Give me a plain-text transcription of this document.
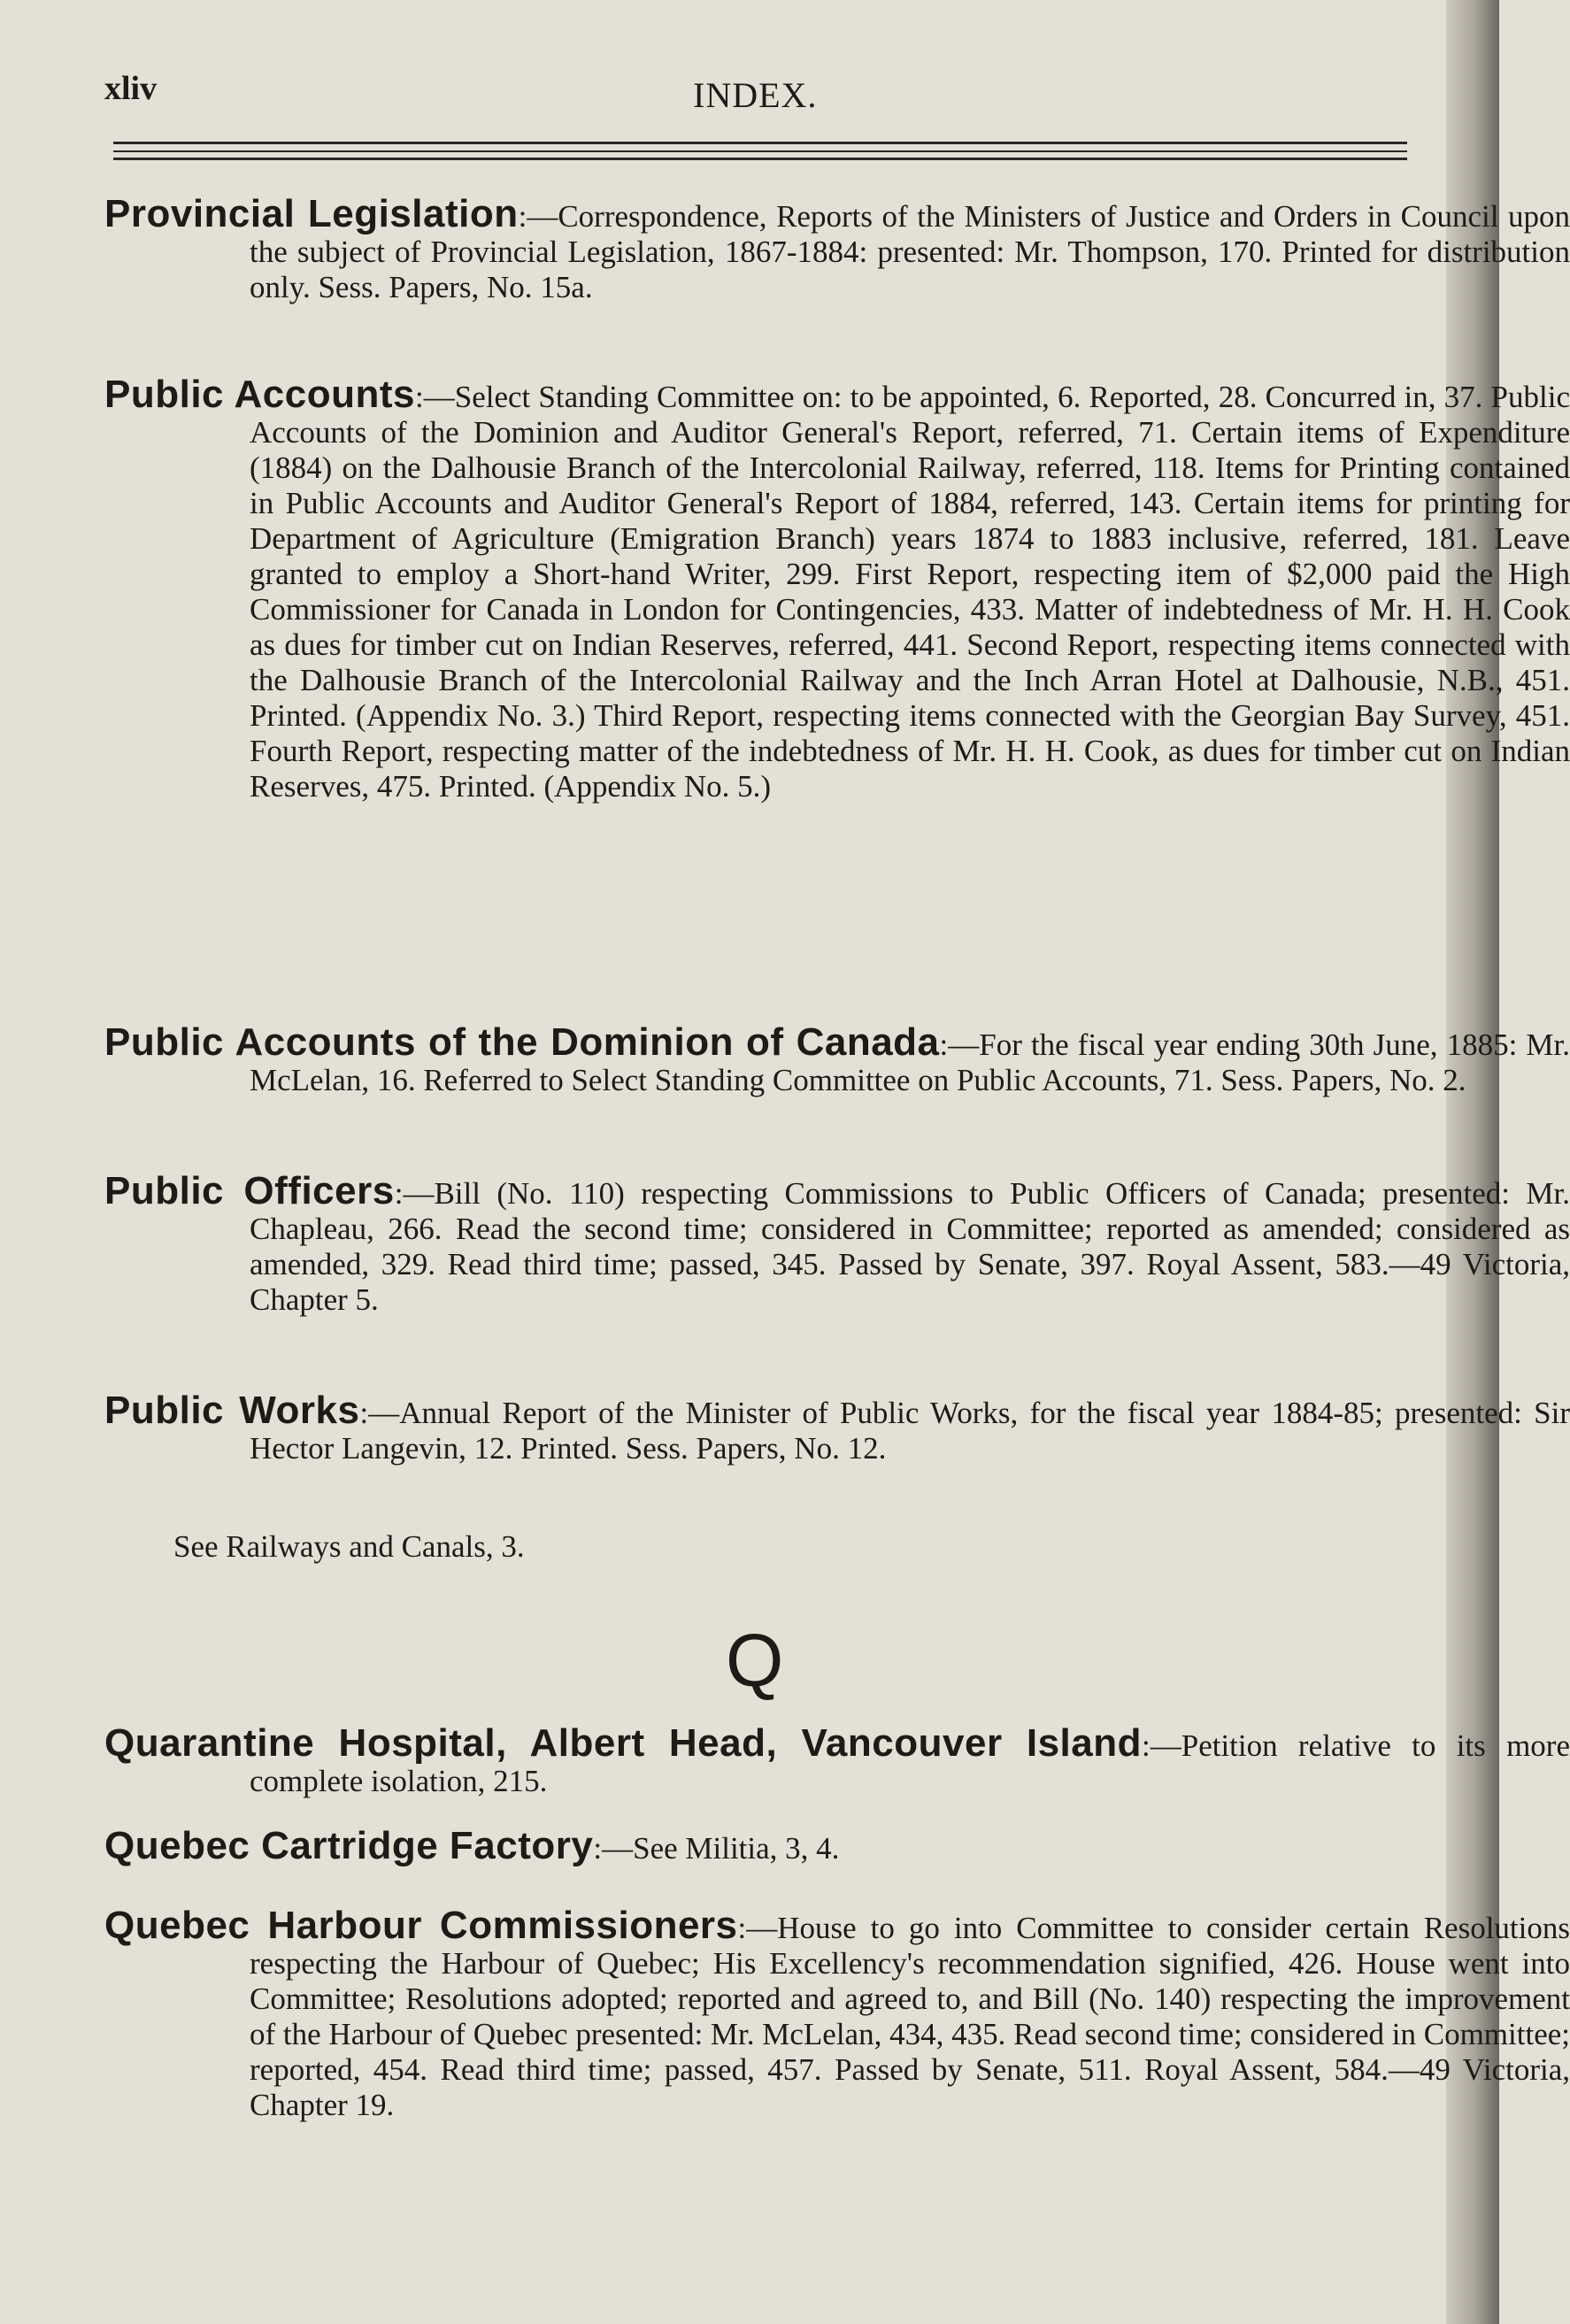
xliv	INDEX.
Provincial Legislation:—Correspondence, Reports of the Ministers of Justice and Orders in Council upon the subject of Provincial Legislation, 1867-1884: presented: Mr. Thompson, 170. Printed for distribution only. Sess. Papers, No. 15a.
Public Accounts:—Select Standing Committee on: to be appointed, 6. Reported, 28. Concurred in, 37. Public Accounts of the Dominion and Auditor General's Report, referred, 71. Certain items of Expenditure (1884) on the Dalhousie Branch of the Intercolonial Railway, referred, 118. Items for Printing contained in Public Accounts and Auditor General's Report of 1884, referred, 143. Certain items for printing for Department of Agriculture (Emigration Branch) years 1874 to 1883 inclusive, referred, 181. Leave granted to employ a Short-hand Writer, 299. First Report, respecting item of $2,000 paid the High Commissioner for Canada in London for Contingencies, 433. Matter of indebtedness of Mr. H. H. Cook as dues for timber cut on Indian Reserves, referred, 441. Second Report, respecting items connected with the Dalhousie Branch of the Intercolonial Railway and the Inch Arran Hotel at Dalhousie, N.B., 451. Printed. (Appendix No. 3.) Third Report, respecting items connected with the Georgian Bay Survey, 451. Fourth Report, respecting matter of the indebtedness of Mr. H. H. Cook, as dues for timber cut on Indian Reserves, 475. Printed. (Appendix No. 5.)
Public Accounts of the Dominion of Canada:—For the fiscal year ending 30th June, 1885: Mr. McLelan, 16. Referred to Select Standing Committee on Public Accounts, 71. Sess. Papers, No. 2.
Public Officers:—Bill (No. 110) respecting Commissions to Public Officers of Canada; presented: Mr. Chapleau, 266. Read the second time; considered in Committee; reported as amended; considered as amended, 329. Read third time; passed, 345. Passed by Senate, 397. Royal Assent, 583.—49 Victoria, Chapter 5.
Public Works:—Annual Report of the Minister of Public Works, for the fiscal year 1884-85; presented: Sir Hector Langevin, 12. Printed. Sess. Papers, No. 12.
See Railways and Canals, 3.
Q
Quarantine Hospital, Albert Head, Vancouver Island:—Petition relative to its more complete isolation, 215.
Quebec Cartridge Factory:—See Militia, 3, 4.
Quebec Harbour Commissioners:—House to go into Committee to consider certain Resolutions respecting the Harbour of Quebec; His Excellency's recommendation signified, 426. House went into Committee; Resolutions adopted; reported and agreed to, and Bill (No. 140) respecting the improvement of the Harbour of Quebec presented: Mr. McLelan, 434, 435. Read second time; considered in Committee; reported, 454. Read third time; passed, 457. Passed by Senate, 511. Royal Assent, 584.—49 Victoria, Chapter 19.
